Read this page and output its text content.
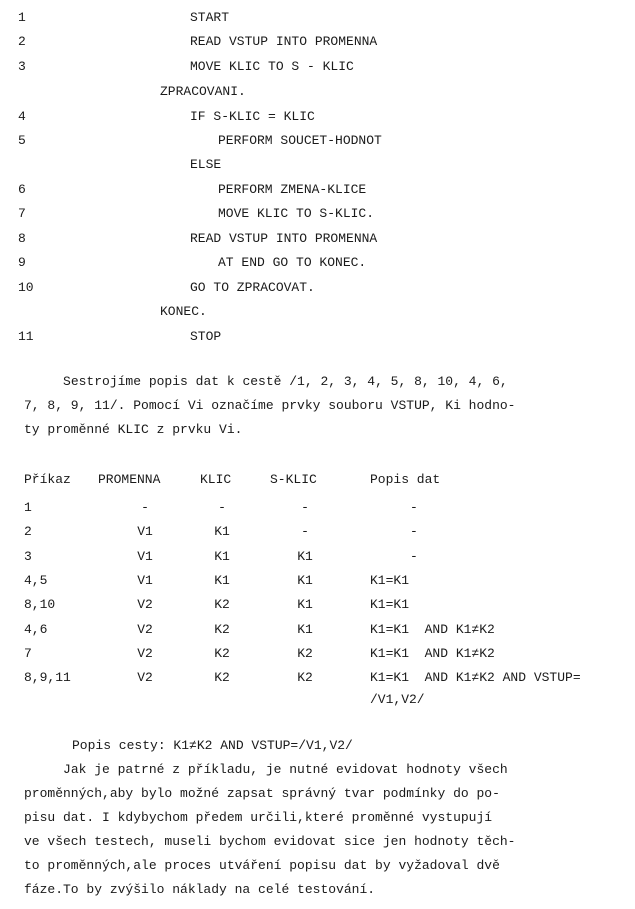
1	START
2	READ VSTUP INTO PROMENNA
3	MOVE KLIC TO S - KLIC
ZPRACOVANI.
4	IF S-KLIC = KLIC
5	PERFORM SOUCET-HODNOT
ELSE
6	PERFORM ZMENA-KLICE
7	MOVE KLIC TO S-KLIC.
8	READ VSTUP INTO PROMENNA
9	AT END GO TO KONEC.
10	GO TO ZPRACOVAT.
KONEC.
11	STOP
Sestrojíme popis dat k cestě /1, 2, 3, 4, 5, 8, 10, 4, 6,
7, 8, 9, 11/. Pomocí Vi označíme prvky souboru VSTUP, Ki hodno-
ty proměnné KLIC z prvku Vi.
Příkaz	PROMENNA	KLIC	S-KLIC	Popis dat
1	-	-	-	-
2	V1	K1	-	-
3	V1	K1	K1	-
4,5	V1	K1	K1	K1=K1
8,10	V2	K2	K1	K1=K1
4,6	V2	K2	K1	K1=K1  AND K1≠K2
7	V2	K2	K2	K1=K1  AND K1≠K2
8,9,11	V2	K2	K2	K1=K1  AND K1≠K2 AND VSTUP=
/V1,V2/
Popis cesty: K1≠K2 AND VSTUP=/V1,V2/
Jak je patrné z příkladu, je nutné evidovat hodnoty všech
proměnných,aby bylo možné zapsat správný tvar podmínky do po-
pisu dat. I kdybychom předem určili,které proměnné vystupují
ve všech testech, museli bychom evidovat sice jen hodnoty těch-
to proměnných,ale proces utváření popisu dat by vyžadoval dvě
fáze.To by zvýšilo náklady na celé testování.
